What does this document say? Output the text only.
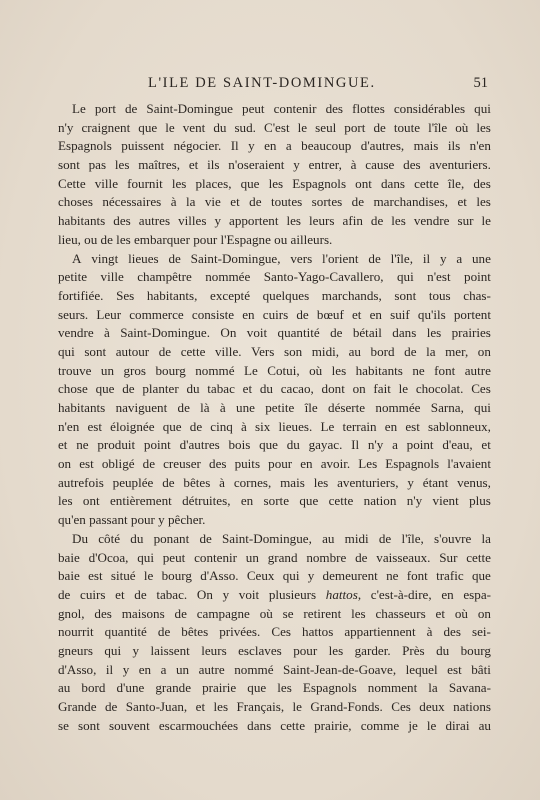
L'ILE DE SAINT-DOMINGUE.	51
Le port de Saint-Domingue peut contenir des flottes considérables qui
n'y craignent que le vent du sud. C'est le seul port de toute l'île où les
Espagnols puissent négocier. Il y en a beaucoup d'autres, mais ils n'en
sont pas les maîtres, et ils n'oseraient y entrer, à cause des aventuriers.
Cette ville fournit les places, que les Espagnols ont dans cette île, des
choses nécessaires à la vie et de toutes sortes de marchandises, et les
habitants des autres villes y apportent les leurs afin de les vendre sur le
lieu, ou de les embarquer pour l'Espagne ou ailleurs.
A vingt lieues de Saint-Domingue, vers l'orient de l'île, il y a une
petite ville champêtre nommée Santo-Yago-Cavallero, qui n'est point
fortifiée. Ses habitants, excepté quelques marchands, sont tous chas-
seurs. Leur commerce consiste en cuirs de bœuf et en suif qu'ils portent
vendre à Saint-Domingue. On voit quantité de bétail dans les prairies
qui sont autour de cette ville. Vers son midi, au bord de la mer, on
trouve un gros bourg nommé Le Cotui, où les habitants ne font autre
chose que de planter du tabac et du cacao, dont on fait le chocolat. Ces
habitants naviguent de là à une petite île déserte nommée Sarna, qui
n'en est éloignée que de cinq à six lieues. Le terrain en est sablonneux,
et ne produit point d'autres bois que du gayac. Il n'y a point d'eau, et
on est obligé de creuser des puits pour en avoir. Les Espagnols l'avaient
autrefois peuplée de bêtes à cornes, mais les aventuriers, y étant venus,
les ont entièrement détruites, en sorte que cette nation n'y vient plus
qu'en passant pour y pêcher.
Du côté du ponant de Saint-Domingue, au midi de l'île, s'ouvre la
baie d'Ocoa, qui peut contenir un grand nombre de vaisseaux. Sur cette
baie est situé le bourg d'Asso. Ceux qui y demeurent ne font trafic que
de cuirs et de tabac. On y voit plusieurs hattos, c'est-à-dire, en espa-
gnol, des maisons de campagne où se retirent les chasseurs et où on
nourrit quantité de bêtes privées. Ces hattos appartiennent à des sei-
gneurs qui y laissent leurs esclaves pour les garder. Près du bourg
d'Asso, il y en a un autre nommé Saint-Jean-de-Goave, lequel est bâti
au bord d'une grande prairie que les Espagnols nomment la Savana-
Grande de Santo-Juan, et les Français, le Grand-Fonds. Ces deux nations
se sont souvent escarmouchées dans cette prairie, comme je le dirai au
